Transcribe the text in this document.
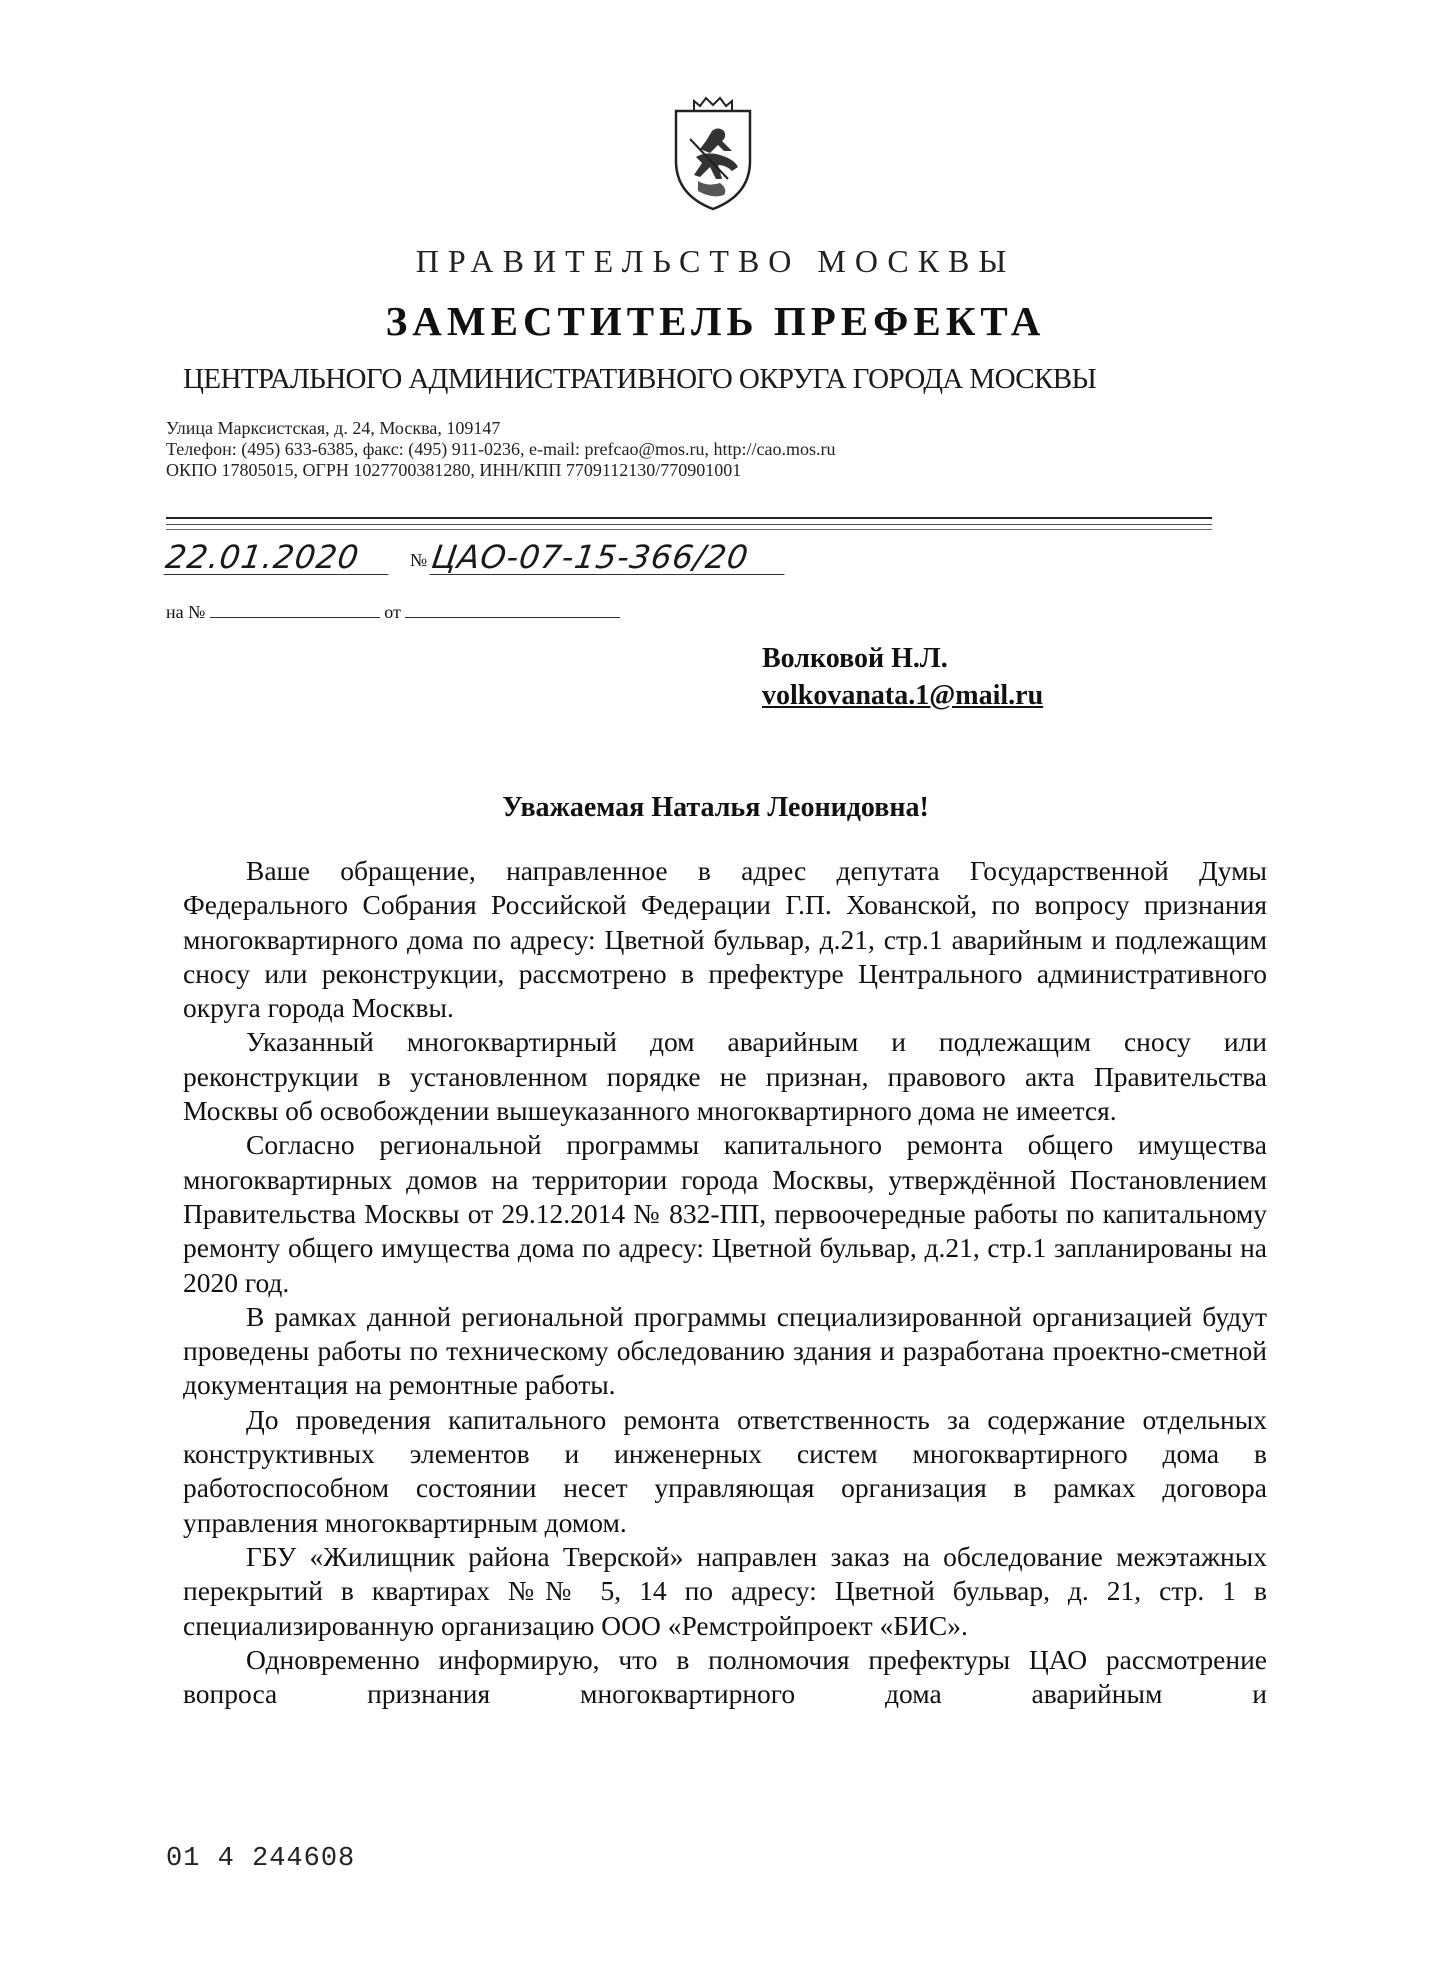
ПРАВИТЕЛЬСТВО МОСКВЫ
ЗАМЕСТИТЕЛЬ ПРЕФЕКТА
ЦЕНТРАЛЬНОГО АДМИНИСТРАТИВНОГО ОКРУГА ГОРОДА МОСКВЫ
Улица Марксистская, д. 24, Москва, 109147
Телефон: (495) 633-6385, факс: (495) 911-0236, e-mail: prefcao@mos.ru, http://cao.mos.ru
ОКПО 17805015, ОГРН 1027700381280, ИНН/КПП 7709112130/770901001
22.01.2020	№ ЦАО-07-15-366/20
на №	от
Волковой Н.Л.
volkovanata.1@mail.ru
Уважаемая Наталья Леонидовна!

Ваше обращение, направленное в адрес депутата Государственной Думы Федерального Собрания Российской Федерации Г.П. Хованской, по вопросу признания многоквартирного дома по адресу: Цветной бульвар, д.21, стр.1 аварийным и подлежащим сносу или реконструкции, рассмотрено в префектуре Центрального административного округа города Москвы.

Указанный многоквартирный дом аварийным и подлежащим сносу или реконструкции в установленном порядке не признан, правового акта Правительства Москвы об освобождении вышеуказанного многоквартирного дома не имеется.

Согласно региональной программы капитального ремонта общего имущества многоквартирных домов на территории города Москвы, утверждённой Постановлением Правительства Москвы от 29.12.2014 № 832-ПП, первоочередные работы по капитальному ремонту общего имущества дома по адресу: Цветной бульвар, д.21, стр.1 запланированы на 2020 год.

В рамках данной региональной программы специализированной организацией будут проведены работы по техническому обследованию здания и разработана проектно-сметной документация на ремонтные работы.

До проведения капитального ремонта ответственность за содержание отдельных конструктивных элементов и инженерных систем многоквартирного дома в работоспособном состоянии несет управляющая организация в рамках договора управления многоквартирным домом.

ГБУ «Жилищник района Тверской» направлен заказ на обследование межэтажных перекрытий в квартирах №№ 5, 14 по адресу: Цветной бульвар, д. 21, стр. 1 в специализированную организацию ООО «Ремстройпроект «БИС».

Одновременно информирую, что в полномочия префектуры ЦАО рассмотрение вопроса признания многоквартирного дома аварийным и

01 4 244608
